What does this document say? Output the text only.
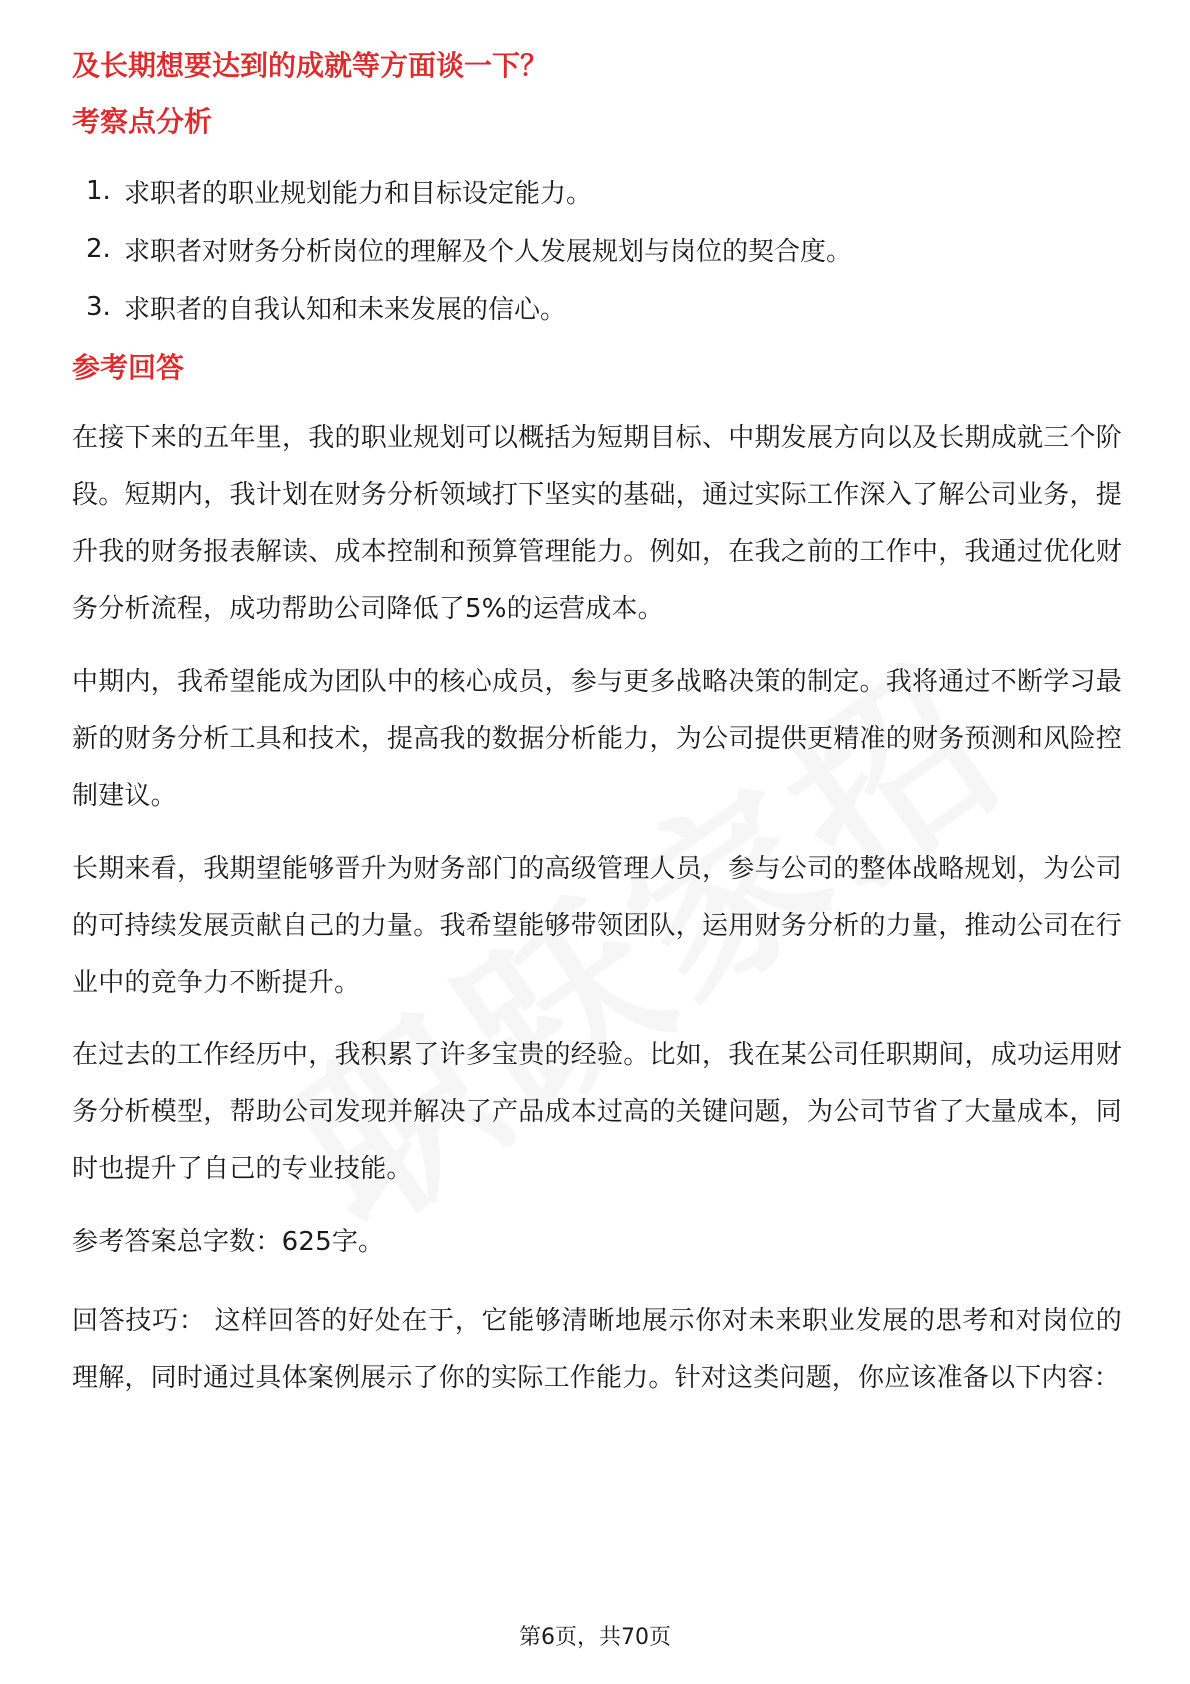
及长期想要达到的成就等方面谈一下？
考察点分析
1. 求职者的职业规划能力和目标设定能力。
2. 求职者对财务分析岗位的理解及个人发展规划与岗位的契合度。
3. 求职者的自我认知和未来发展的信心。
参考回答

在接下来的五年里，我的职业规划可以概括为短期目标、中期发展方向以及长期成就三个阶段。短期内，我计划在财务分析领域打下坚实的基础，通过实际工作深入了解公司业务，提升我的财务报表解读、成本控制和预算管理能力。例如，在我之前的工作中，我通过优化财务分析流程，成功帮助公司降低了5%的运营成本。

中期内，我希望能成为团队中的核心成员，参与更多战略决策的制定。我将通过不断学习最新的财务分析工具和技术，提高我的数据分析能力，为公司提供更精准的财务预测和风险控制建议。

长期来看，我期望能够晋升为财务部门的高级管理人员，参与公司的整体战略规划，为公司的可持续发展贡献自己的力量。我希望能够带领团队，运用财务分析的力量，推动公司在行业中的竞争力不断提升。

在过去的工作经历中，我积累了许多宝贵的经验。比如，我在某公司任职期间，成功运用财务分析模型，帮助公司发现并解决了产品成本过高的关键问题，为公司节省了大量成本，同时也提升了自己的专业技能。

参考答案总字数：625字。

回答技巧： 这样回答的好处在于，它能够清晰地展示你对未来职业发展的思考和对岗位的理解，同时通过具体案例展示了你的实际工作能力。针对这类问题，你应该准备以下内容：

第6页，共70页
